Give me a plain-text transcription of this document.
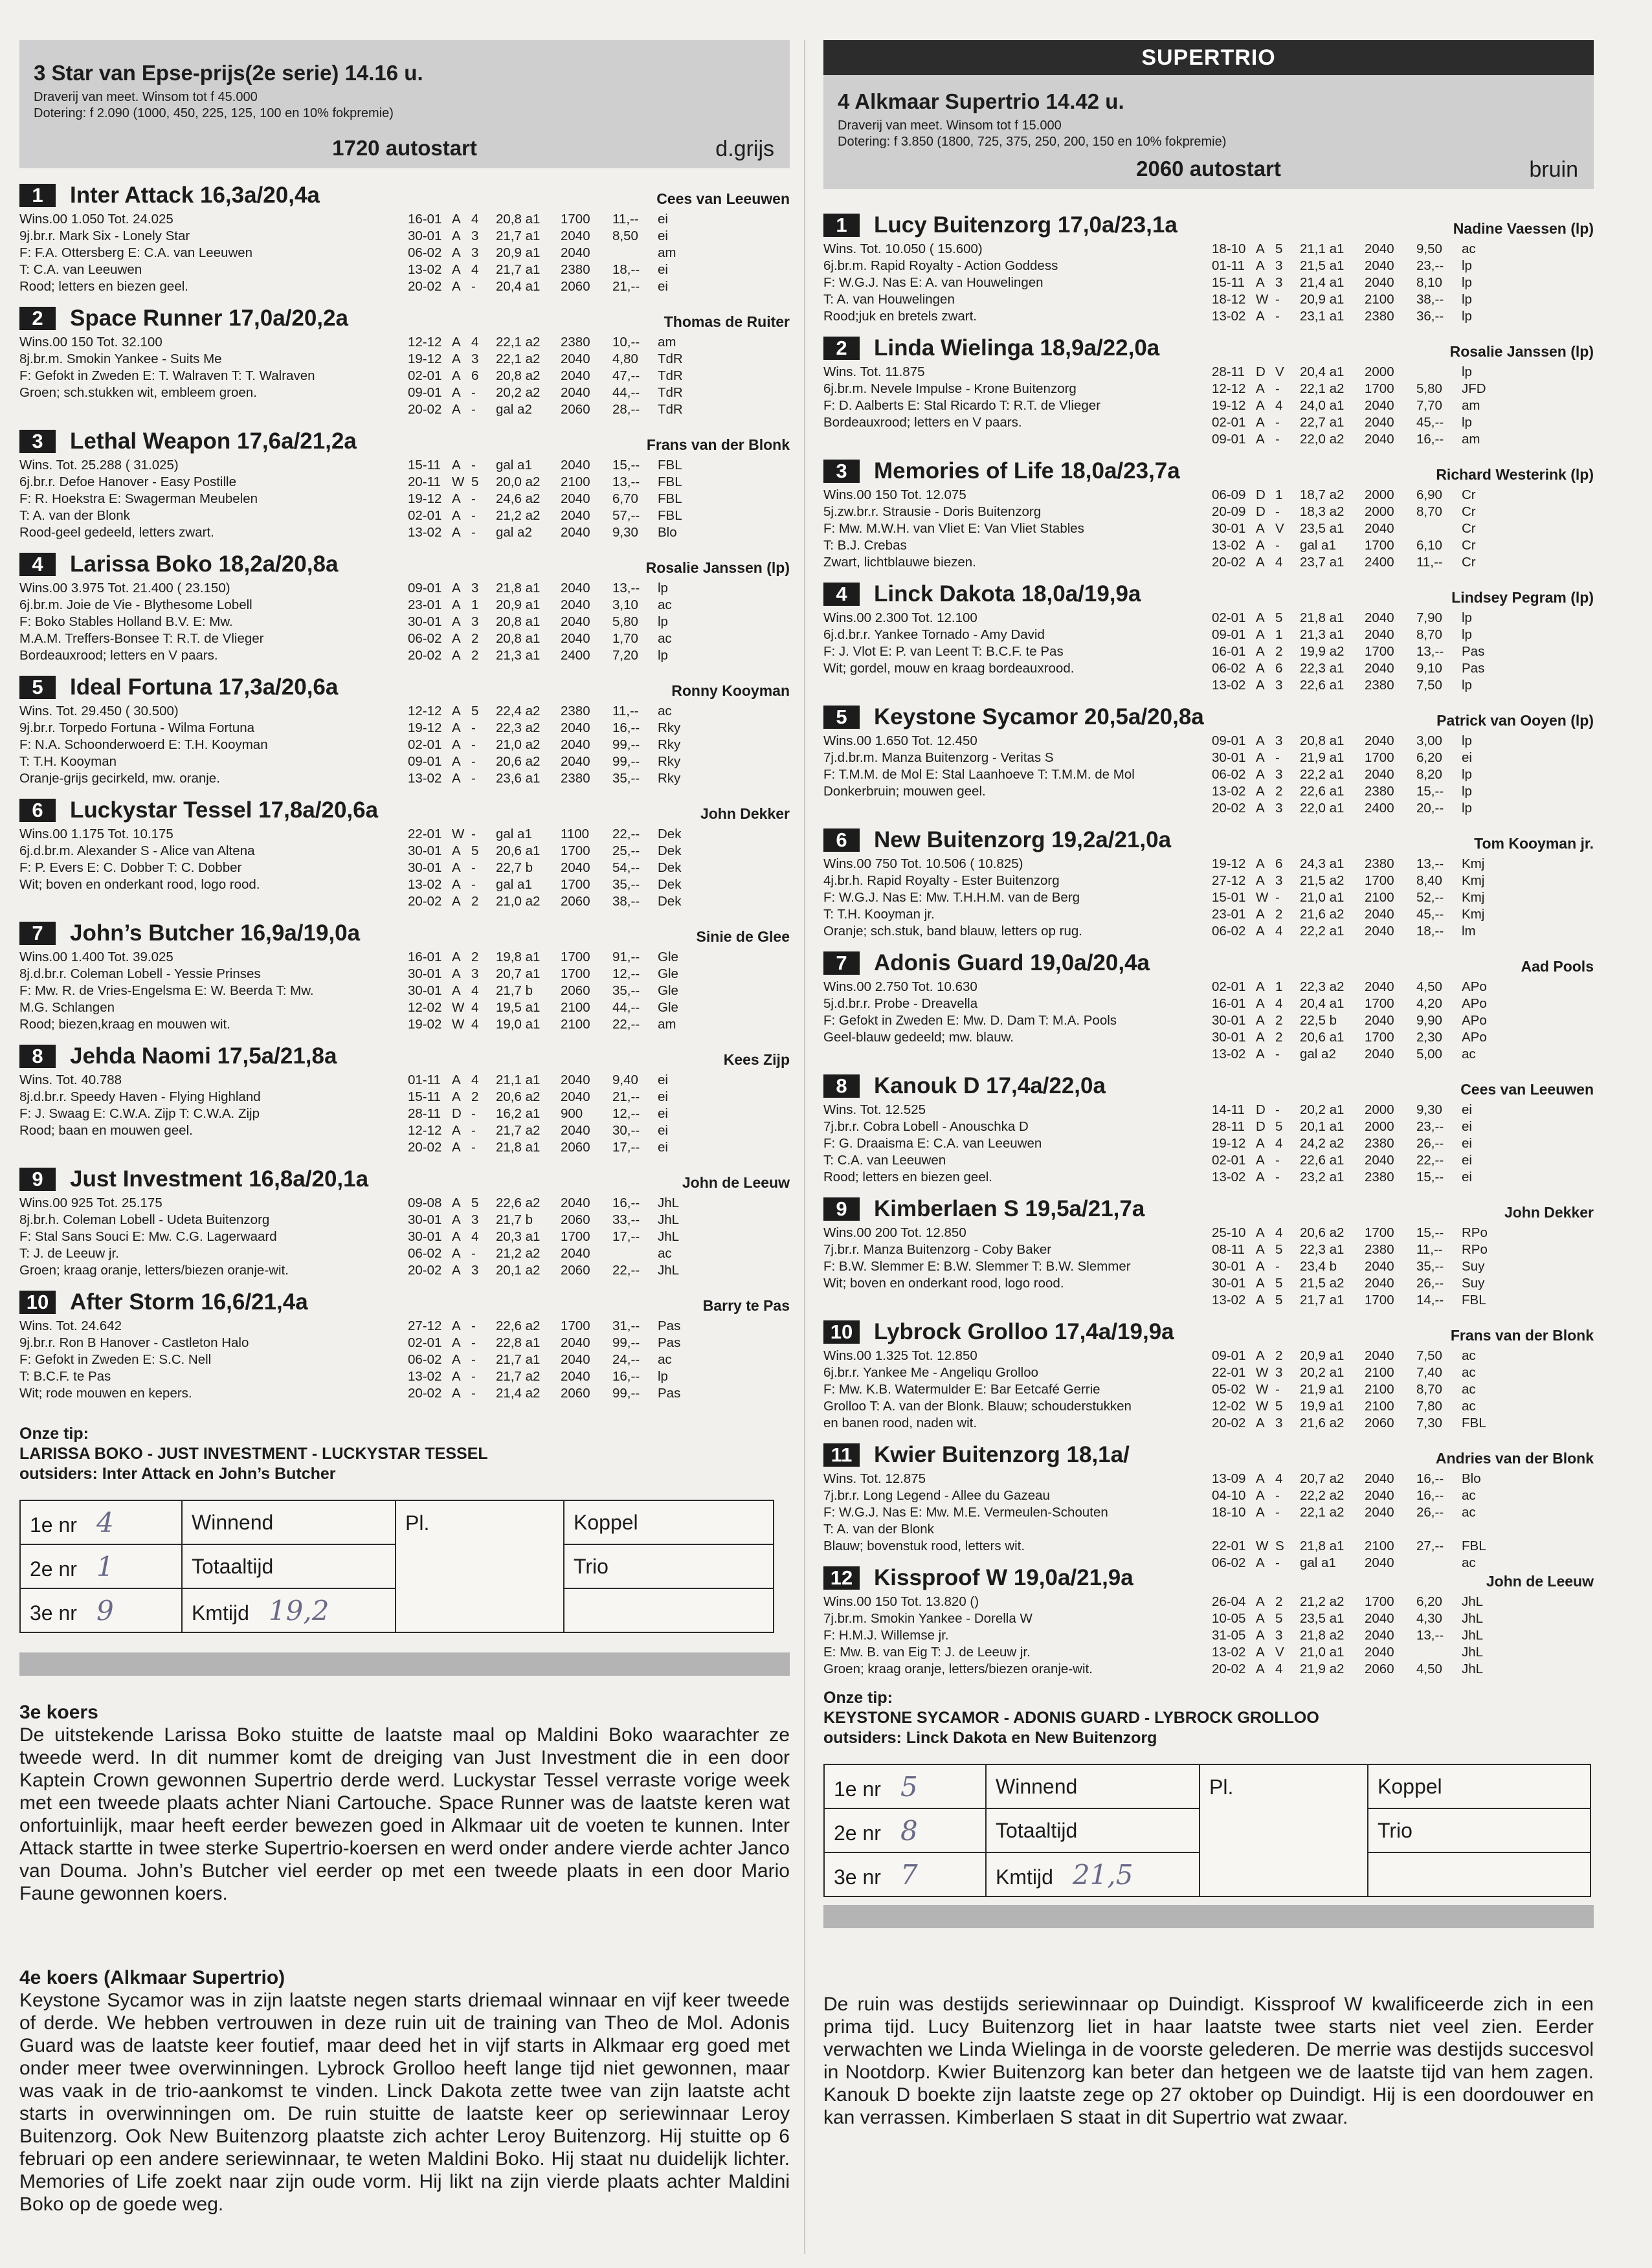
3 Star van Epse-prijs(2e serie) 14.16 u.
Draverij van meet. Winsom tot f 45.000
Dotering: f 2.090 (1000, 450, 225, 125, 100 en 10% fokpremie)
1720 autostart	d.grijs
1 Inter Attack 16,3a/20,4a	Cees van Leeuwen
Wins.00 1.050 Tot. 24.025
9j.br.r. Mark Six - Lonely Star
F: F.A. Ottersberg E: C.A. van Leeuwen
T: C.A. van Leeuwen
Rood; letters en biezen geel.
16-01 A 4 20,8 a1 1700 11,-- ei
30-01 A 3 21,7 a1 2040 8,50 ei
06-02 A 3 20,9 a1 2040	am
13-02 A 4 21,7 a1 2380 18,-- ei
20-02 A - 20,4 a1 2060 21,-- ei
2 Space Runner 17,0a/20,2a	Thomas de Ruiter
Wins.00 150 Tot. 32.100
8j.br.m. Smokin Yankee - Suits Me
F: Gefokt in Zweden E: T. Walraven T: T. Walraven
Groen; sch.stukken wit, embleem groen.
12-12 A 4 22,1 a2 2380 10,-- am
19-12 A 3 22,1 a2 2040 4,80 TdR
02-01 A 6 20,8 a2 2040 47,-- TdR
09-01 A - 20,2 a2 2040 44,-- TdR
20-02 A - gal a2 2060 28,-- TdR
3 Lethal Weapon 17,6a/21,2a	Frans van der Blonk
Wins. Tot. 25.288 ( 31.025)
6j.br.r. Defoe Hanover - Easy Postille
F: R. Hoekstra E: Swagerman Meubelen
T: A. van der Blonk
Rood-geel gedeeld, letters zwart.
15-11 A - gal a1 2040 15,-- FBL
20-11 W 5 20,0 a2 2100 13,-- FBL
19-12 A - 24,6 a2 2040 6,70 FBL
02-01 A - 21,2 a2 2040 57,-- FBL
13-02 A - gal a2 2040 9,30 Blo
4 Larissa Boko 18,2a/20,8a	Rosalie Janssen (lp)
Wins.00 3.975 Tot. 21.400 ( 23.150)
6j.br.m. Joie de Vie - Blythesome Lobell
F: Boko Stables Holland B.V. E: Mw.
M.A.M. Treffers-Bonsee T: R.T. de Vlieger
Bordeauxrood; letters en V paars.
09-01 A 3 21,8 a1 2040 13,-- lp
23-01 A 1 20,9 a1 2040 3,10 ac
30-01 A 3 20,8 a1 2040 5,80 lp
06-02 A 2 20,8 a1 2040 1,70 ac
20-02 A 2 21,3 a1 2400 7,20 lp
5 Ideal Fortuna 17,3a/20,6a	Ronny Kooyman
Wins. Tot. 29.450 ( 30.500)
9j.br.r. Torpedo Fortuna - Wilma Fortuna
F: N.A. Schoonderwoerd E: T.H. Kooyman
T: T.H. Kooyman
Oranje-grijs gecirkeld, mw. oranje.
12-12 A 5 22,4 a2 2380 11,-- ac
19-12 A - 22,3 a2 2040 16,-- Rky
02-01 A - 21,0 a2 2040 99,-- Rky
09-01 A - 20,6 a2 2040 99,-- Rky
13-02 A - 23,6 a1 2380 35,-- Rky
6 Luckystar Tessel 17,8a/20,6a	John Dekker
Wins.00 1.175 Tot. 10.175
6j.d.br.m. Alexander S - Alice van Altena
F: P. Evers E: C. Dobber T: C. Dobber
Wit; boven en onderkant rood, logo rood.
22-01 W - gal a1 1100 22,-- Dek
30-01 A 5 20,6 a1 1700 25,-- Dek
30-01 A - 22,7 b 2040 54,-- Dek
13-02 A - gal a1 1700 35,-- Dek
20-02 A 2 21,0 a2 2060 38,-- Dek
7 John’s Butcher 16,9a/19,0a	Sinie de Glee
Wins.00 1.400 Tot. 39.025
8j.d.br.r. Coleman Lobell - Yessie Prinses
F: Mw. R. de Vries-Engelsma E: W. Beerda T: Mw.
M.G. Schlangen
Rood; biezen,kraag en mouwen wit.
16-01 A 2 19,8 a1 1700 91,-- Gle
30-01 A 3 20,7 a1 1700 12,-- Gle
30-01 A 4 21,7 b 2060 35,-- Gle
12-02 W 4 19,5 a1 2100 44,-- Gle
19-02 W 4 19,0 a1 2100 22,-- am
8 Jehda Naomi 17,5a/21,8a	Kees Zijp
Wins. Tot. 40.788
8j.d.br.r. Speedy Haven - Flying Highland
F: J. Swaag E: C.W.A. Zijp T: C.W.A. Zijp
Rood; baan en mouwen geel.
01-11 A 4 21,1 a1 2040 9,40 ei
15-11 A 2 20,6 a2 2040 21,-- ei
28-11 D - 16,2 a1 900 12,-- ei
12-12 A - 21,7 a2 2040 30,-- ei
20-02 A - 21,8 a1 2060 17,-- ei
9 Just Investment 16,8a/20,1a	John de Leeuw
Wins.00 925 Tot. 25.175
8j.br.h. Coleman Lobell - Udeta Buitenzorg
F: Stal Sans Souci E: Mw. C.G. Lagerwaard
T: J. de Leeuw jr.
Groen; kraag oranje, letters/biezen oranje-wit.
09-08 A 5 22,6 a2 2040 16,-- JhL
30-01 A 3 21,7 b 2060 33,-- JhL
30-01 A 4 20,3 a1 1700 17,-- JhL
06-02 A - 21,2 a2 2040	ac
20-02 A 3 20,1 a2 2060 22,-- JhL
10 After Storm 16,6/21,4a	Barry te Pas
Wins. Tot. 24.642
9j.br.r. Ron B Hanover - Castleton Halo
F: Gefokt in Zweden E: S.C. Nell
T: B.C.F. te Pas
Wit; rode mouwen en kepers.
27-12 A - 22,6 a2 1700 31,-- Pas
02-01 A - 22,8 a1 2040 99,-- Pas
06-02 A - 21,7 a1 2040 24,-- ac
13-02 A - 21,7 a2 2040 16,-- lp
20-02 A - 21,4 a2 2060 99,-- Pas
Onze tip:
LARISSA BOKO - JUST INVESTMENT - LUCKYSTAR TESSEL
outsiders: Inter Attack en John’s Butcher
1e nr 4	Winnend	Pl.	Koppel
2e nr 1	Totaaltijd		Trio
3e nr 9	Kmtijd 19,2		
3e koers
De uitstekende Larissa Boko stuitte de laatste maal op Maldini Boko waarachter ze tweede werd. In dit nummer komt de dreiging van Just Investment die in een door Kaptein Crown gewonnen Supertrio derde werd. Luckystar Tessel verraste vorige week met een tweede plaats achter Niani Cartouche. Space Runner was de laatste keren wat onfortuinlijk, maar heeft eerder bewezen goed in Alkmaar uit de voeten te kunnen. Inter Attack startte in twee sterke Supertrio-koersen en werd onder andere vierde achter Janco van Douma. John’s Butcher viel eerder op met een tweede plaats in een door Mario Faune gewonnen koers.
4e koers (Alkmaar Supertrio)
Keystone Sycamor was in zijn laatste negen starts driemaal winnaar en vijf keer tweede of derde. We hebben vertrouwen in deze ruin uit de training van Theo de Mol. Adonis Guard was de laatste keer foutief, maar deed het in vijf starts in Alkmaar erg goed met onder meer twee overwinningen. Lybrock Grolloo heeft lange tijd niet gewonnen, maar was vaak in de trio-aankomst te vinden. Linck Dakota zette twee van zijn laatste acht starts in overwinningen om. De ruin stuitte de laatste keer op seriewinnaar Leroy Buitenzorg. Ook New Buitenzorg plaatste zich achter Leroy Buitenzorg. Hij stuitte op 6 februari op een andere seriewinnaar, te weten Maldini Boko. Hij staat nu duidelijk lichter. Memories of Life zoekt naar zijn oude vorm. Hij likt na zijn vierde plaats achter Maldini Boko op de goede weg.
SUPERTRIO
4 Alkmaar Supertrio 14.42 u.
Draverij van meet. Winsom tot f 15.000
Dotering: f 3.850 (1800, 725, 375, 250, 200, 150 en 10% fokpremie)
2060 autostart	bruin
1 Lucy Buitenzorg 17,0a/23,1a	Nadine Vaessen (lp)
Wins. Tot. 10.050 ( 15.600)
6j.br.m. Rapid Royalty - Action Goddess
F: W.G.J. Nas E: A. van Houwelingen
T: A. van Houwelingen
Rood;juk en bretels zwart.
18-10 A 5 21,1 a1 2040 9,50 ac
01-11 A 3 21,5 a1 2040 23,-- lp
15-11 A 3 21,4 a1 2040 8,10 lp
18-12 W - 20,9 a1 2100 38,-- lp
13-02 A - 23,1 a1 2380 36,-- lp
2 Linda Wielinga 18,9a/22,0a	Rosalie Janssen (lp)
Wins. Tot. 11.875
6j.br.m. Nevele Impulse - Krone Buitenzorg
F: D. Aalberts E: Stal Ricardo T: R.T. de Vlieger
Bordeauxrood; letters en V paars.
28-11 D V 20,4 a1 2000	lp
12-12 A - 22,1 a2 1700 5,80 JFD
19-12 A 4 24,0 a1 2040 7,70 am
02-01 A - 22,7 a1 2040 45,-- lp
09-01 A - 22,0 a2 2040 16,-- am
3 Memories of Life 18,0a/23,7a	Richard Westerink (lp)
Wins.00 150 Tot. 12.075
5j.zw.br.r. Strausie - Doris Buitenzorg
F: Mw. M.W.H. van Vliet E: Van Vliet Stables
T: B.J. Crebas
Zwart, lichtblauwe biezen.
06-09 D 1 18,7 a2 2000 6,90 Cr
20-09 D - 18,3 a2 2000 8,70 Cr
30-01 A V 23,5 a1 2040	Cr
13-02 A - gal a1 1700 6,10 Cr
20-02 A 4 23,7 a1 2400 11,-- Cr
4 Linck Dakota 18,0a/19,9a	Lindsey Pegram (lp)
Wins.00 2.300 Tot. 12.100
6j.d.br.r. Yankee Tornado - Amy David
F: J. Vlot E: P. van Leent T: B.C.F. te Pas
Wit; gordel, mouw en kraag bordeauxrood.
02-01 A 5 21,8 a1 2040 7,90 lp
09-01 A 1 21,3 a1 2040 8,70 lp
16-01 A 2 19,9 a2 1700 13,-- Pas
06-02 A 6 22,3 a1 2040 9,10 Pas
13-02 A 3 22,6 a1 2380 7,50 lp
5 Keystone Sycamor 20,5a/20,8a	Patrick van Ooyen (lp)
Wins.00 1.650 Tot. 12.450
7j.d.br.m. Manza Buitenzorg - Veritas S
F: T.M.M. de Mol E: Stal Laanhoeve T: T.M.M. de Mol
Donkerbruin; mouwen geel.
09-01 A 3 20,8 a1 2040 3,00 lp
30-01 A - 21,9 a1 1700 6,20 ei
06-02 A 3 22,2 a1 2040 8,20 lp
13-02 A 2 22,6 a1 2380 15,-- lp
20-02 A 3 22,0 a1 2400 20,-- lp
6 New Buitenzorg 19,2a/21,0a	Tom Kooyman jr.
Wins.00 750 Tot. 10.506 ( 10.825)
4j.br.h. Rapid Royalty - Ester Buitenzorg
F: W.G.J. Nas E: Mw. T.H.H.M. van de Berg
T: T.H. Kooyman jr.
Oranje; sch.stuk, band blauw, letters op rug.
19-12 A 6 24,3 a1 2380 13,-- Kmj
27-12 A 3 21,5 a2 1700 8,40 Kmj
15-01 W - 21,0 a1 2100 52,-- Kmj
23-01 A 2 21,6 a2 2040 45,-- Kmj
06-02 A 4 22,2 a1 2040 18,-- lm
7 Adonis Guard 19,0a/20,4a	Aad Pools
Wins.00 2.750 Tot. 10.630
5j.d.br.r. Probe - Dreavella
F: Gefokt in Zweden E: Mw. D. Dam T: M.A. Pools
Geel-blauw gedeeld; mw. blauw.
02-01 A 1 22,3 a2 2040 4,50 APo
16-01 A 4 20,4 a1 1700 4,20 APo
30-01 A 2 22,5 b 2040 9,90 APo
30-01 A 2 20,6 a1 1700 2,30 APo
13-02 A - gal a2 2040 5,00 ac
8 Kanouk D 17,4a/22,0a	Cees van Leeuwen
Wins. Tot. 12.525
7j.br.r. Cobra Lobell - Anouschka D
F: G. Draaisma E: C.A. van Leeuwen
T: C.A. van Leeuwen
Rood; letters en biezen geel.
14-11 D - 20,2 a1 2000 9,30 ei
28-11 D 5 20,1 a1 2000 23,-- ei
19-12 A 4 24,2 a2 2380 26,-- ei
02-01 A - 22,6 a1 2040 22,-- ei
13-02 A - 23,2 a1 2380 15,-- ei
9 Kimberlaen S 19,5a/21,7a	John Dekker
Wins.00 200 Tot. 12.850
7j.br.r. Manza Buitenzorg - Coby Baker
F: B.W. Slemmer E: B.W. Slemmer T: B.W. Slemmer
Wit; boven en onderkant rood, logo rood.
25-10 A 4 20,6 a2 1700 15,-- RPo
08-11 A 5 22,3 a1 2380 11,-- RPo
30-01 A - 23,4 b 2040 35,-- Suy
30-01 A 5 21,5 a2 2040 26,-- Suy
13-02 A 5 21,7 a1 1700 14,-- FBL
10 Lybrock Grolloo 17,4a/19,9a	Frans van der Blonk
Wins.00 1.325 Tot. 12.850
6j.br.r. Yankee Me - Angeliqu Grolloo
F: Mw. K.B. Watermulder E: Bar Eetcafé Gerrie
Grolloo T: A. van der Blonk. Blauw; schouderstukken
en banen rood, naden wit.
09-01 A 2 20,9 a1 2040 7,50 ac
22-01 W 3 20,2 a1 2100 7,40 ac
05-02 W - 21,9 a1 2100 8,70 ac
12-02 W 5 19,9 a1 2100 7,80 ac
20-02 A 3 21,6 a2 2060 7,30 FBL
11 Kwier Buitenzorg 18,1a/	Andries van der Blonk
Wins. Tot. 12.875
7j.br.r. Long Legend - Allee du Gazeau
F: W.G.J. Nas E: Mw. M.E. Vermeulen-Schouten
T: A. van der Blonk
Blauw; bovenstuk rood, letters wit.
13-09 A 4 20,7 a2 2040 16,-- Blo
04-10 A - 22,2 a2 2040 16,-- ac
18-10 A - 22,1 a2 2040 26,-- ac
22-01 W S 21,8 a1 2100 27,-- FBL
06-02 A - gal a1 2040	ac
12 Kissproof W 19,0a/21,9a	John de Leeuw
Wins.00 150 Tot. 13.820 ()
7j.br.m. Smokin Yankee - Dorella W
F: H.M.J. Willemse jr.
E: Mw. B. van Eig T: J. de Leeuw jr.
Groen; kraag oranje, letters/biezen oranje-wit.
26-04 A 2 21,2 a2 1700 6,20 JhL
10-05 A 5 23,5 a1 2040 4,30 JhL
31-05 A 3 21,8 a2 2040 13,-- JhL
13-02 A V 21,0 a1 2040	JhL
20-02 A 4 21,9 a2 2060 4,50 JhL
Onze tip:
KEYSTONE SYCAMOR - ADONIS GUARD - LYBROCK GROLLOO
outsiders: Linck Dakota en New Buitenzorg
1e nr 5	Winnend	Pl.	Koppel
2e nr 8	Totaaltijd		Trio
3e nr 7	Kmtijd 21,5		
De ruin was destijds seriewinnaar op Duindigt. Kissproof W kwalificeerde zich in een prima tijd. Lucy Buitenzorg liet in haar laatste twee starts niet veel zien. Eerder verwachten we Linda Wielinga in de voorste gelederen. De merrie was destijds succesvol in Nootdorp. Kwier Buitenzorg kan beter dan hetgeen we de laatste tijd van hem zagen. Kanouk D boekte zijn laatste zege op 27 oktober op Duindigt. Hij is een doordouwer en kan verrassen. Kimberlaen S staat in dit Supertrio wat zwaar.
